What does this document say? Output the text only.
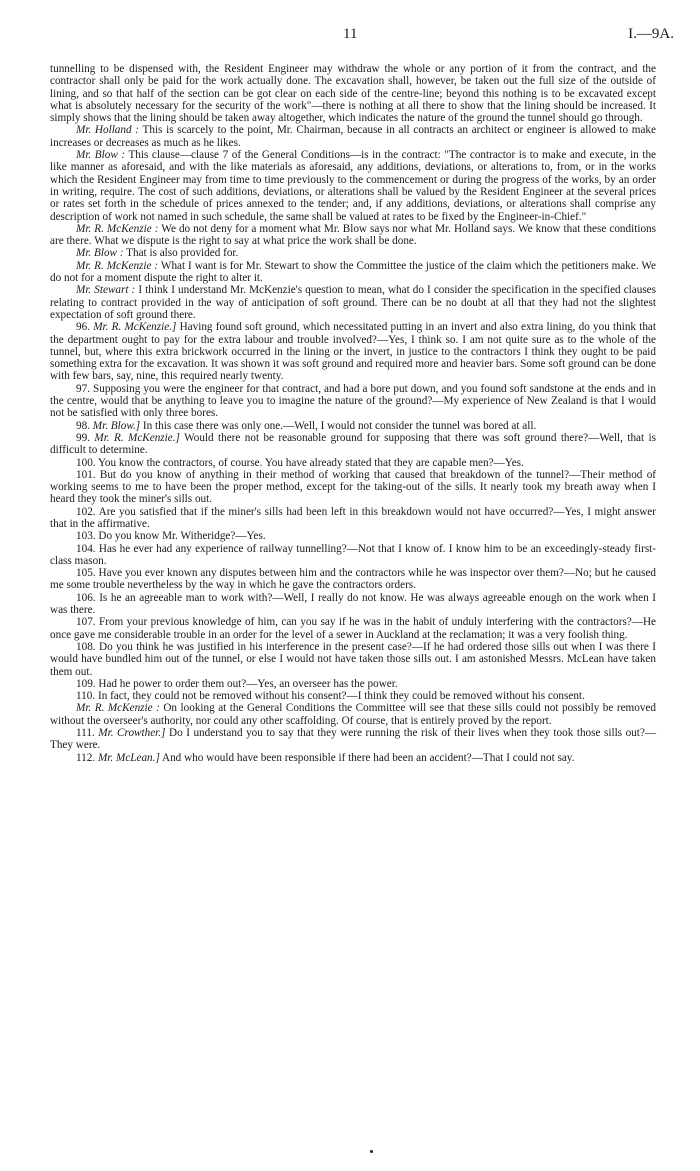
11	I.—9A.

tunnelling to be dispensed with, the Resident Engineer may withdraw the whole or any portion of it from the contract, and the contractor shall only be paid for the work actually done. The excavation shall, however, be taken out the full size of the outside of lining, and so that half of the section can be got clear on each side of the centre-line; beyond this nothing is to be excavated except what is absolutely necessary for the security of the work"—there is nothing at all there to show that the lining should be increased. It simply shows that the lining should be taken away altogether, which indicates the nature of the ground the tunnel should go through.

Mr. Holland : This is scarcely to the point, Mr. Chairman, because in all contracts an architect or engineer is allowed to make increases or decreases as much as he likes.

Mr. Blow : This clause—clause 7 of the General Conditions—is in the contract: "The contractor is to make and execute, in the like manner as aforesaid, and with the like materials as aforesaid, any additions, deviations, or alterations to, from, or in the works which the Resident Engineer may from time to time previously to the commencement or during the progress of the works, by an order in writing, require. The cost of such additions, deviations, or alterations shall be valued by the Resident Engineer at the several prices or rates set forth in the schedule of prices annexed to the tender; and, if any additions, deviations, or alterations shall comprise any description of work not named in such schedule, the same shall be valued at rates to be fixed by the Engineer-in-Chief."

Mr. R. McKenzie : We do not deny for a moment what Mr. Blow says nor what Mr. Holland says. We know that these conditions are there. What we dispute is the right to say at what price the work shall be done.

Mr. Blow : That is also provided for.

Mr. R. McKenzie : What I want is for Mr. Stewart to show the Committee the justice of the claim which the petitioners make. We do not for a moment dispute the right to alter it.

Mr. Stewart : I think I understand Mr. McKenzie's question to mean, what do I consider the specification in the specified clauses relating to contract provided in the way of anticipation of soft ground. There can be no doubt at all that they had not the slightest expectation of soft ground there.

96. Mr. R. McKenzie.] Having found soft ground, which necessitated putting in an invert and also extra lining, do you think that the department ought to pay for the extra labour and trouble involved?—Yes, I think so. I am not quite sure as to the whole of the tunnel, but, where this extra brickwork occurred in the lining or the invert, in justice to the contractors I think they ought to be paid something extra for the excavation. It was shown it was soft ground and required more and heavier bars. Some soft ground can be done with few bars, say, nine, this required nearly twenty.

97. Supposing you were the engineer for that contract, and had a bore put down, and you found soft sandstone at the ends and in the centre, would that be anything to leave you to imagine the nature of the ground?—My experience of New Zealand is that I would not be satisfied with only three bores.

98. Mr. Blow.] In this case there was only one.—Well, I would not consider the tunnel was bored at all.

99. Mr. R. McKenzie.] Would there not be reasonable ground for supposing that there was soft ground there?—Well, that is difficult to determine.

100. You know the contractors, of course. You have already stated that they are capable men?—Yes.

101. But do you know of anything in their method of working that caused that breakdown of the tunnel?—Their method of working seems to me to have been the proper method, except for the taking-out of the sills. It nearly took my breath away when I heard they took the miner's sills out.

102. Are you satisfied that if the miner's sills had been left in this breakdown would not have occurred?—Yes, I might answer that in the affirmative.

103. Do you know Mr. Witheridge?—Yes.

104. Has he ever had any experience of railway tunnelling?—Not that I know of. I know him to be an exceedingly-steady first-class mason.

105. Have you ever known any disputes between him and the contractors while he was inspector over them?—No; but he caused me some trouble nevertheless by the way in which he gave the contractors orders.

106. Is he an agreeable man to work with?—Well, I really do not know. He was always agreeable enough on the work when I was there.

107. From your previous knowledge of him, can you say if he was in the habit of unduly interfering with the contractors?—He once gave me considerable trouble in an order for the level of a sewer in Auckland at the reclamation; it was a very foolish thing.

108. Do you think he was justified in his interference in the present case?—If he had ordered those sills out when I was there I would have bundled him out of the tunnel, or else I would not have taken those sills out. I am astonished Messrs. McLean have taken them out.

109. Had he power to order them out?—Yes, an overseer has the power.

110. In fact, they could not be removed without his consent?—I think they could be removed without his consent.

Mr. R. McKenzie : On looking at the General Conditions the Committee will see that these sills could not possibly be removed without the overseer's authority, nor could any other scaffolding. Of course, that is entirely proved by the report.

111. Mr. Crowther.] Do I understand you to say that they were running the risk of their lives when they took those sills out?—They were.

112. Mr. McLean.] And who would have been responsible if there had been an accident?—That I could not say.
